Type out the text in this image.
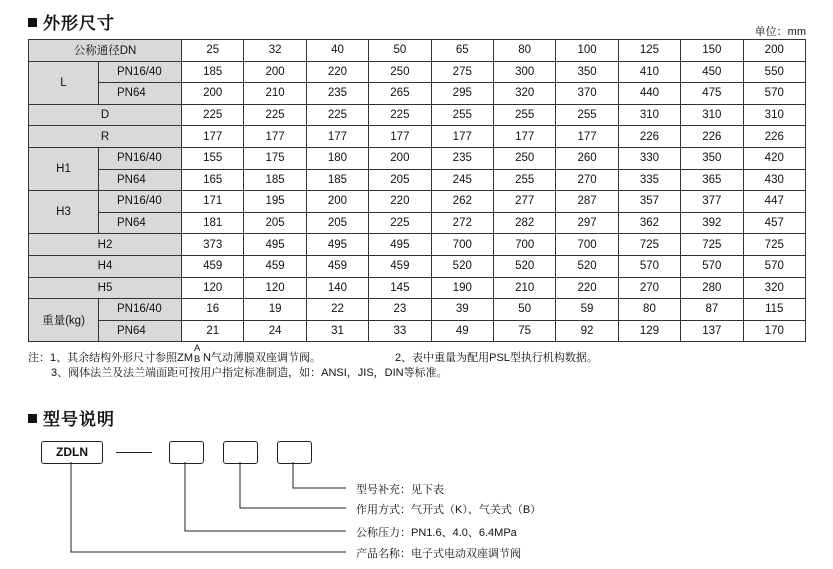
外形尺寸	单位：mm
公称通径DN		25	32	40	50	65	80	100	125	150	200
L	PN16/40	185	200	220	250	275	300	350	410	450	550
	PN64	200	210	235	265	295	320	370	440	475	570
D		225	225	225	225	255	255	255	310	310	310
R		177	177	177	177	177	177	177	226	226	226
H1	PN16/40	155	175	180	200	235	250	260	330	350	420
	PN64	165	185	185	205	245	255	270	335	365	430
H3	PN16/40	171	195	200	220	262	277	287	357	377	447
	PN64	181	205	205	225	272	282	297	362	392	457
H2		373	495	495	495	700	700	700	725	725	725
H4		459	459	459	459	520	520	520	570	570	570
H5		120	120	140	145	190	210	220	270	280	320
重量(kg)	PN16/40	16	19	22	23	39	50	59	80	87	115
	PN64	21	24	31	33	49	75	92	129	137	170
注：1、其余结构外形尺寸参照ZM
A
B N气动薄膜双座调节阀。	2、表中重量为配用PSL型执行机构数据。
3、阀体法兰及法兰端面距可按用户指定标准制造，如：ANSI，JIS，DIN等标准。
型号说明
ZDLN
型号补充：见下表
作用方式：气开式（K）、气关式（B）
公称压力：PN1.6、4.0、6.4MPa
产品名称：电子式电动双座调节阀
